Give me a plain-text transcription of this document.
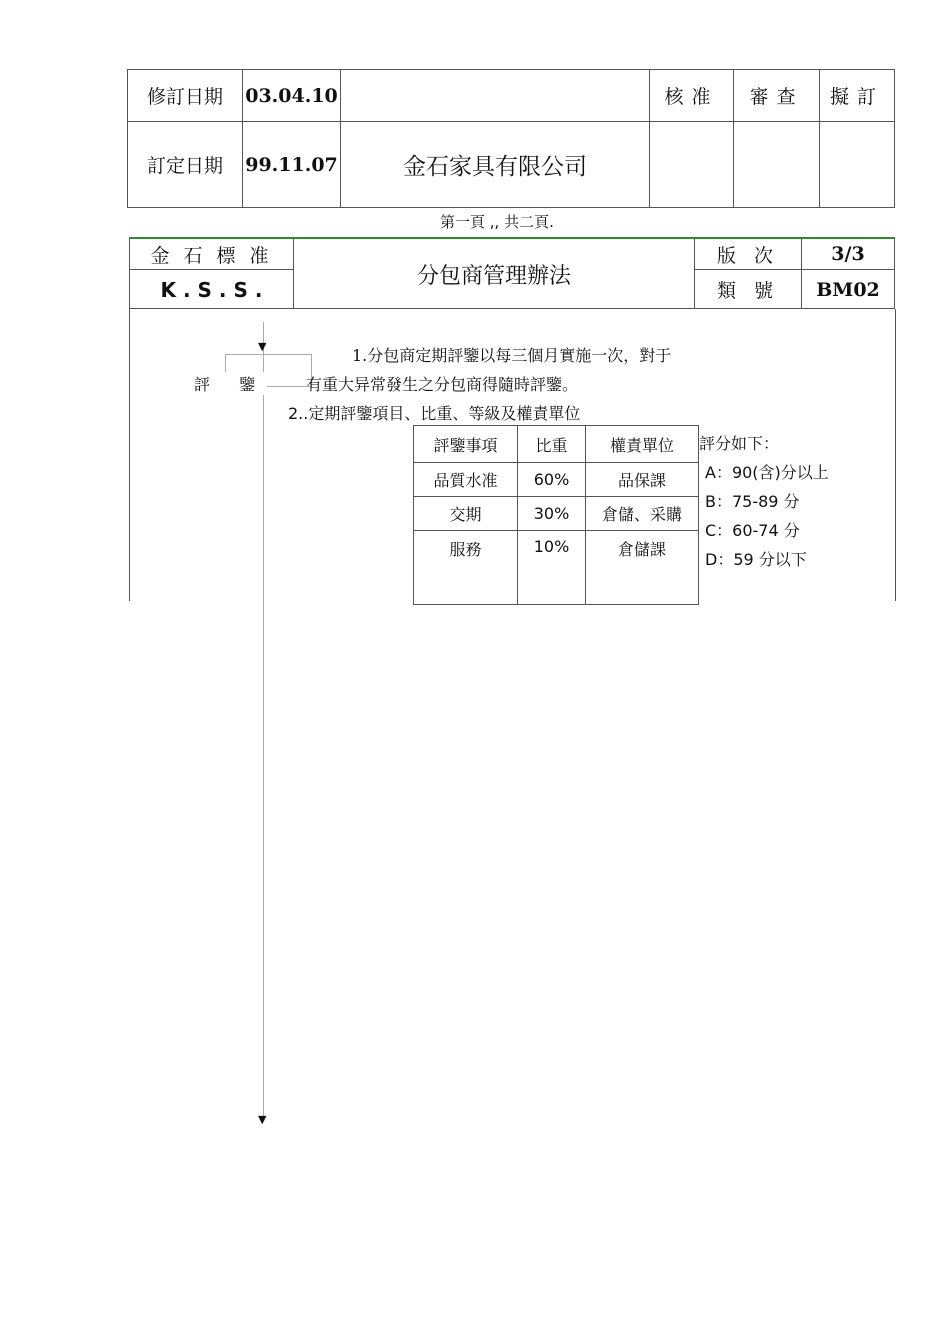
修訂日期	03.04.10		核准	審查	擬訂
訂定日期	99.11.07	金石家具有限公司			
第一頁 ,, 共二頁.
金 石 標 准
K . S . S .
分包商管理辦法
版 次	3/3
類 號	BM02
▼
▼
評 鑒
1.分包商定期評鑒以每三個月實施一次，對于
有重大异常發生之分包商得隨時評鑒。
2..定期評鑒項目、比重、等級及權責單位
評鑒事項	比重	權責單位
品質水准	60%	品保課
交期	30%	倉儲、采購
服務	10%	倉儲課
評分如下：
A：90(含)分以上
B：75-89 分
C：60-74 分
D：59 分以下
